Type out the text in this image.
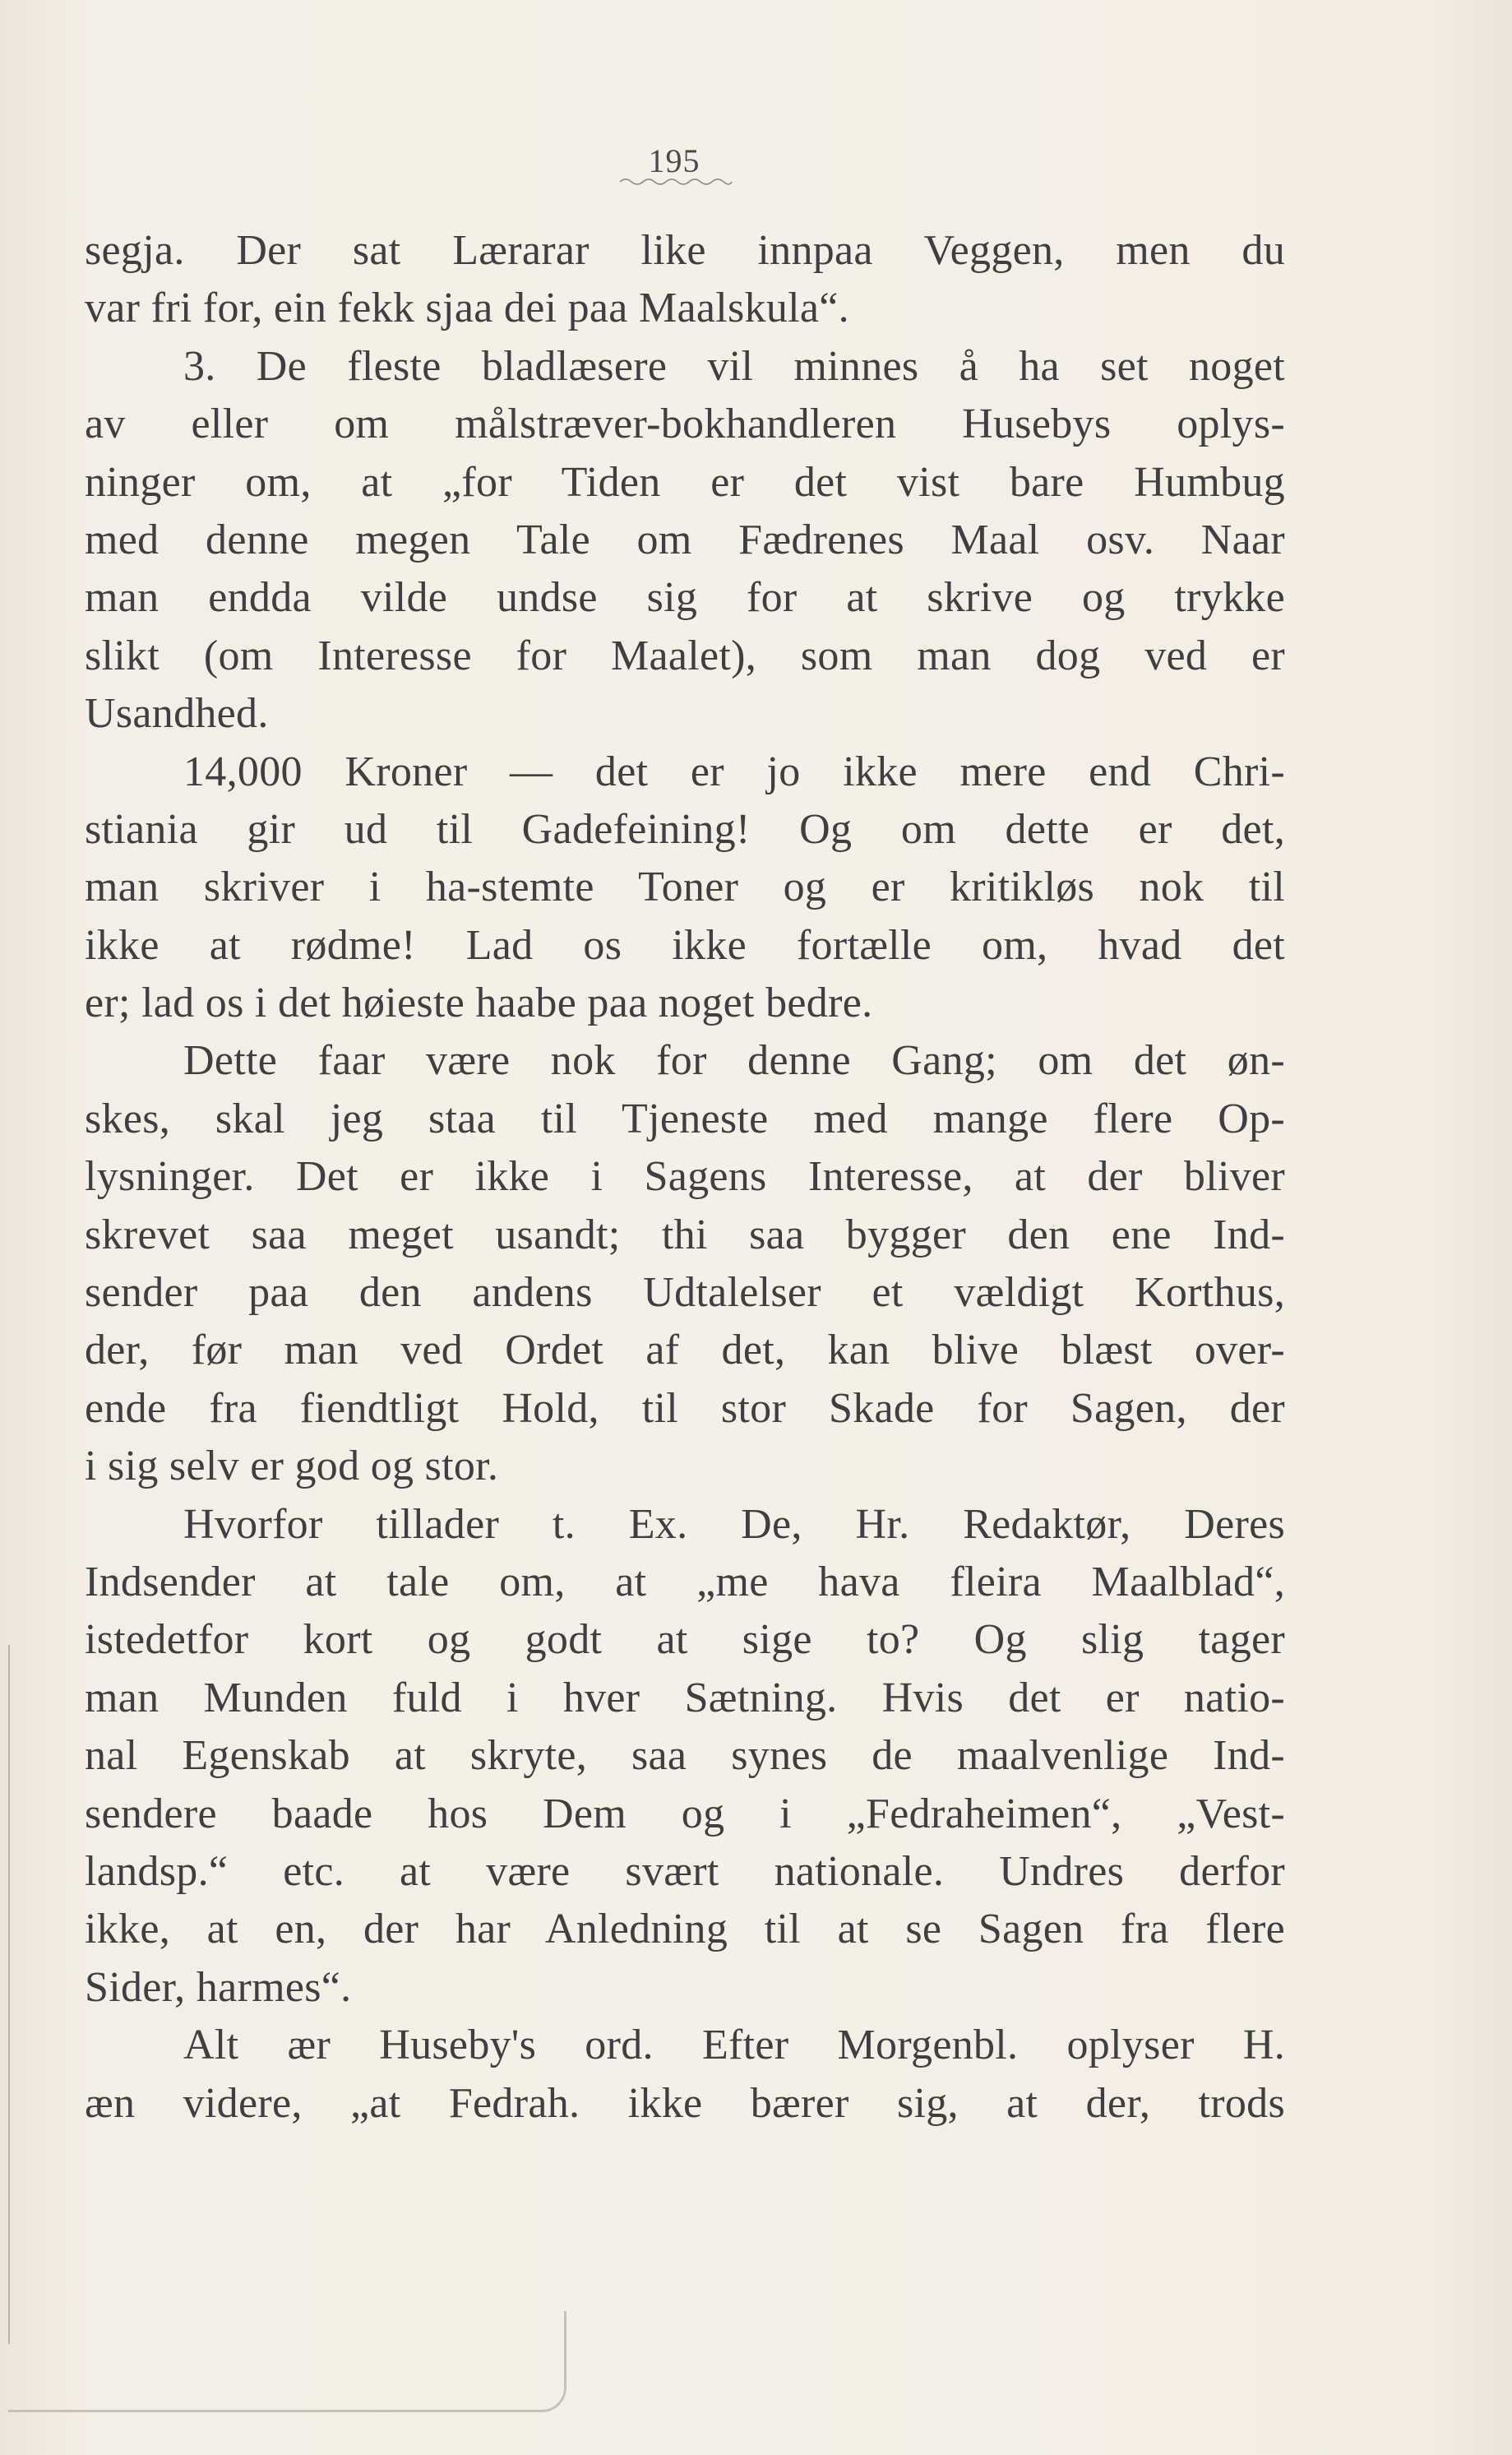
195
segja. Der sat Lærarar like innpaa Veggen, men du
var fri for, ein fekk sjaa dei paa Maalskula“.
3. De fleste bladlæsere vil minnes å ha set noget
av eller om målstræver-bokhandleren Husebys oplys-
ninger om, at „for Tiden er det vist bare Humbug
med denne megen Tale om Fædrenes Maal osv. Naar
man endda vilde undse sig for at skrive og trykke
slikt (om Interesse for Maalet), som man dog ved er
Usandhed.
14,000 Kroner — det er jo ikke mere end Chri-
stiania gir ud til Gadefeining! Og om dette er det,
man skriver i ha-stemte Toner og er kritikløs nok til
ikke at rødme! Lad os ikke fortælle om, hvad det
er; lad os i det høieste haabe paa noget bedre.
Dette faar være nok for denne Gang; om det øn-
skes, skal jeg staa til Tjeneste med mange flere Op-
lysninger. Det er ikke i Sagens Interesse, at der bliver
skrevet saa meget usandt; thi saa bygger den ene Ind-
sender paa den andens Udtalelser et vældigt Korthus,
der, før man ved Ordet af det, kan blive blæst over-
ende fra fiendtligt Hold, til stor Skade for Sagen, der
i sig selv er god og stor.
Hvorfor tillader t. Ex. De, Hr. Redaktør, Deres
Indsender at tale om, at „me hava fleira Maalblad“,
istedetfor kort og godt at sige to? Og slig tager
man Munden fuld i hver Sætning. Hvis det er natio-
nal Egenskab at skryte, saa synes de maalvenlige Ind-
sendere baade hos Dem og i „Fedraheimen“, „Vest-
landsp.“ etc. at være svært nationale. Undres derfor
ikke, at en, der har Anledning til at se Sagen fra flere
Sider, harmes“.
Alt ær Huseby's ord. Efter Morgenbl. oplyser H.
æn videre, „at Fedrah. ikke bærer sig, at der, trods
